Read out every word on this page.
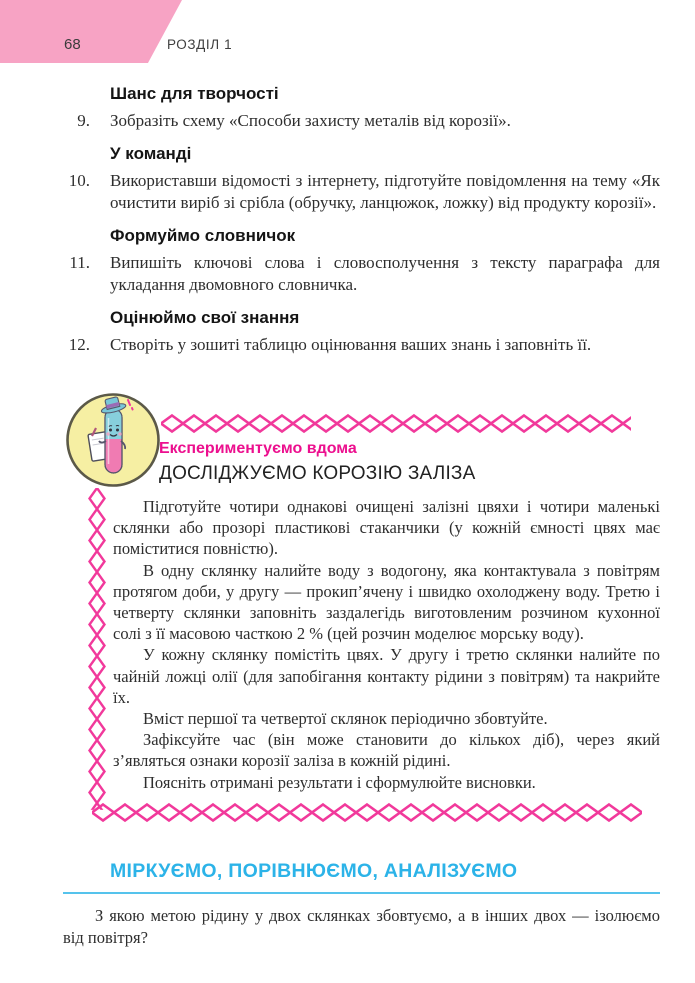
68	РОЗДІЛ 1
Шанс для творчості
9. Зобразіть схему «Способи захисту металів від корозії».
У команді
10. Використавши відомості з інтернету, підготуйте повідомлення на тему «Як очистити виріб зі срібла (обручку, ланцюжок, ложку) від продукту корозії».
Формуймо словничок
11. Випишіть ключові слова і словосполучення з тексту параграфа для укладання двомовного словничка.
Оцінюймо свої знання
12. Створіть у зошиті таблицю оцінювання ваших знань і заповніть її.
Експериментуємо вдома
ДОСЛІДЖУЄМО КОРОЗІЮ ЗАЛІЗА

Підготуйте чотири однакові очищені залізні цвяхи і чотири маленькі склянки або прозорі пластикові стаканчики (у кожній ємності цвях має поміститися повністю).

В одну склянку налийте воду з водогону, яка контактувала з повітрям протягом доби, у другу — прокип’ячену і швидко охолоджену воду. Третю і четверту склянки заповніть заздалегідь виготовленим розчином кухонної солі з її масовою часткою 2 % (цей розчин моделює морську воду).

У кожну склянку помістіть цвях. У другу і третю склянки налийте по чайній ложці олії (для запобігання контакту рідини з повітрям) та накрийте їх.

Вміст першої та четвертої склянок періодично збовтуйте.

Зафіксуйте час (він може становити до кількох діб), через який з’являться ознаки корозії заліза в кожній рідині.

Поясніть отримані результати і сформулюйте висновки.

МІРКУЄМО, ПОРІВНЮЄМО, АНАЛІЗУЄМО

З якою метою рідину у двох склянках збовтуємо, а в інших двох — ізолюємо від повітря?
